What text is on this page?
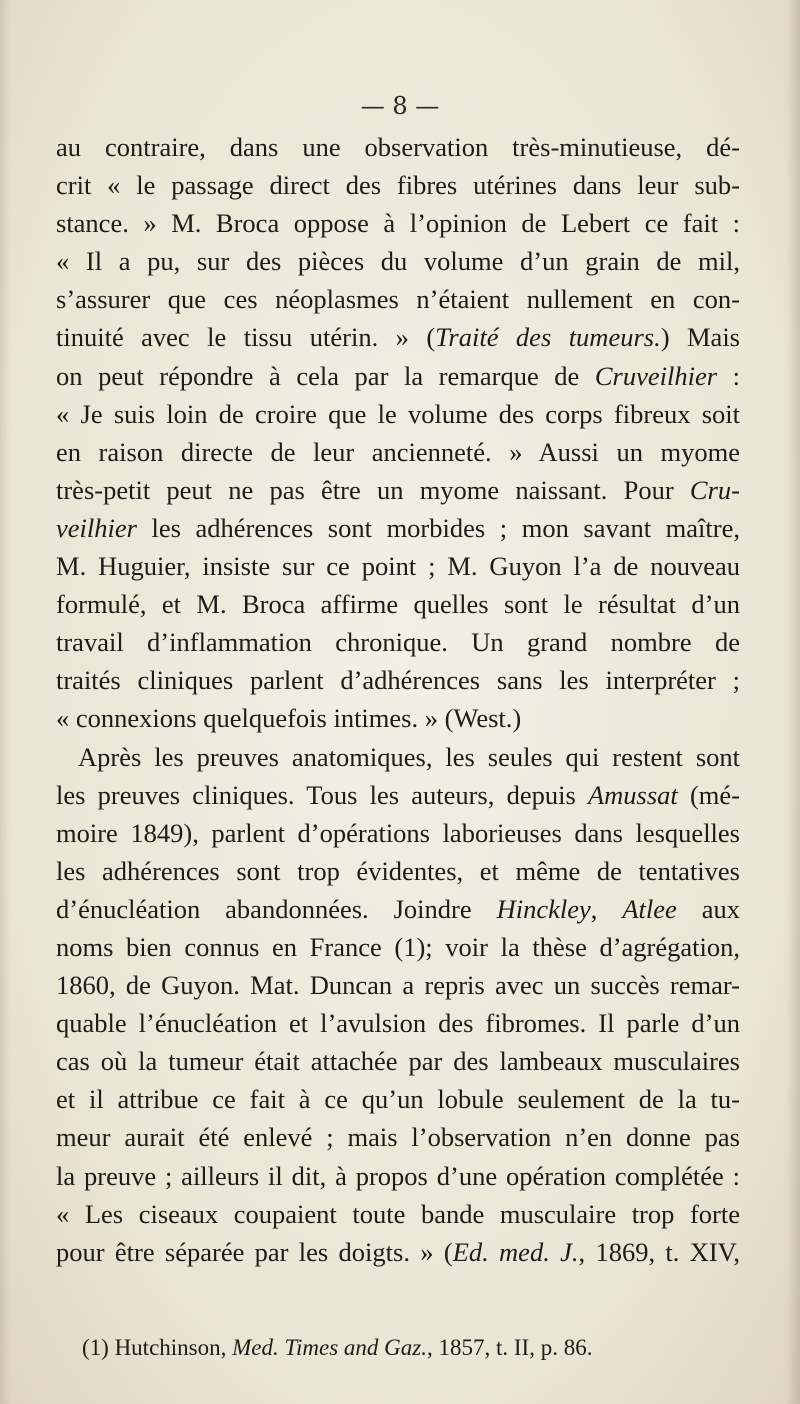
— 8 —
au contraire, dans une observation très-minutieuse, dé-
crit « le passage direct des fibres utérines dans leur sub-
stance. » M. Broca oppose à l’opinion de Lebert ce fait :
« Il a pu, sur des pièces du volume d’un grain de mil,
s’assurer que ces néoplasmes n’étaient nullement en con-
tinuité avec le tissu utérin. » (Traité des tumeurs.) Mais
on peut répondre à cela par la remarque de Cruveilhier :
« Je suis loin de croire que le volume des corps fibreux soit
en raison directe de leur ancienneté. » Aussi un myome
très-petit peut ne pas être un myome naissant. Pour Cru-
veilhier les adhérences sont morbides ; mon savant maître,
M. Huguier, insiste sur ce point ; M. Guyon l’a de nouveau
formulé, et M. Broca affirme quelles sont le résultat d’un
travail d’inflammation chronique. Un grand nombre de
traités cliniques parlent d’adhérences sans les interpréter ;
« connexions quelquefois intimes. » (West.)
Après les preuves anatomiques, les seules qui restent sont
les preuves cliniques. Tous les auteurs, depuis Amussat (mé-
moire 1849), parlent d’opérations laborieuses dans lesquelles
les adhérences sont trop évidentes, et même de tentatives
d’énucléation abandonnées. Joindre Hinckley, Atlee aux
noms bien connus en France (1); voir la thèse d’agrégation,
1860, de Guyon. Mat. Duncan a repris avec un succès remar-
quable l’énucléation et l’avulsion des fibromes. Il parle d’un
cas où la tumeur était attachée par des lambeaux musculaires
et il attribue ce fait à ce qu’un lobule seulement de la tu-
meur aurait été enlevé ; mais l’observation n’en donne pas
la preuve ; ailleurs il dit, à propos d’une opération complétée :
« Les ciseaux coupaient toute bande musculaire trop forte
pour être séparée par les doigts. » (Ed. med. J., 1869, t. XIV,
(1) Hutchinson, Med. Times and Gaz., 1857, t. II, p. 86.
